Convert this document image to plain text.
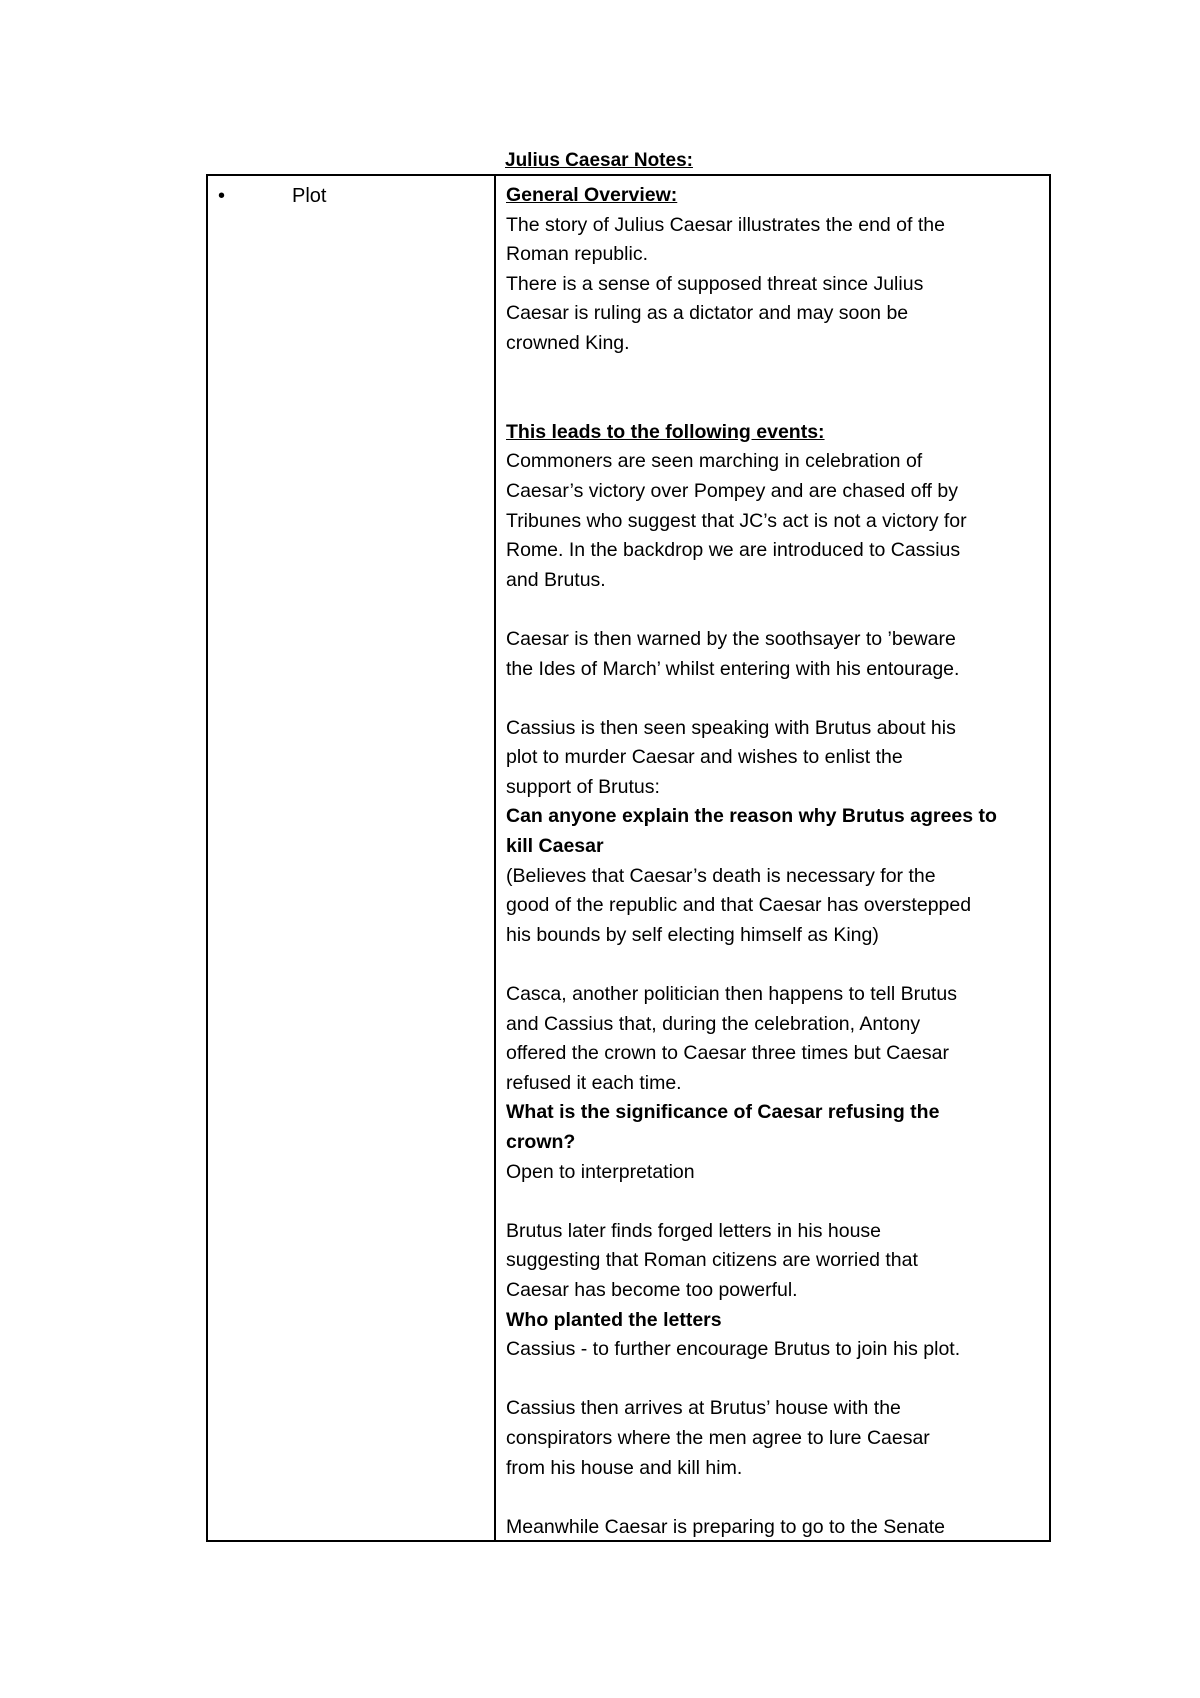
Julius Caesar Notes:
•	Plot	General Overview:
The story of Julius Caesar illustrates the end of the
Roman republic.
There is a sense of supposed threat since Julius
Caesar is ruling as a dictator and may soon be
crowned King.
This leads to the following events:
Commoners are seen marching in celebration of
Caesar’s victory over Pompey and are chased off by
Tribunes who suggest that JC’s act is not a victory for
Rome. In the backdrop we are introduced to Cassius
and Brutus.
Caesar is then warned by the soothsayer to ’beware
the Ides of March’ whilst entering with his entourage.
Cassius is then seen speaking with Brutus about his
plot to murder Caesar and wishes to enlist the
support of Brutus:
Can anyone explain the reason why Brutus agrees to
kill Caesar
(Believes that Caesar’s death is necessary for the
good of the republic and that Caesar has overstepped
his bounds by self electing himself as King)
Casca, another politician then happens to tell Brutus
and Cassius that, during the celebration, Antony
offered the crown to Caesar three times but Caesar
refused it each time.
What is the significance of Caesar refusing the
crown?
Open to interpretation
Brutus later finds forged letters in his house
suggesting that Roman citizens are worried that
Caesar has become too powerful.
Who planted the letters
Cassius - to further encourage Brutus to join his plot.
Cassius then arrives at Brutus’ house with the
conspirators where the men agree to lure Caesar
from his house and kill him.
Meanwhile Caesar is preparing to go to the Senate
